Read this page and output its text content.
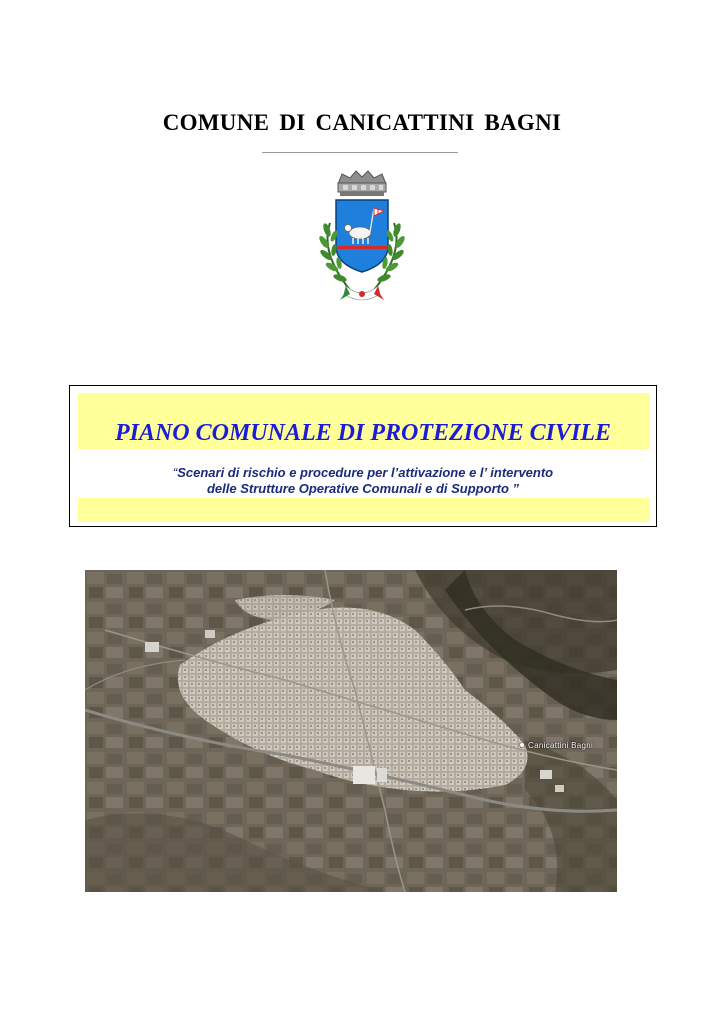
COMUNE DI CANICATTINI BAGNI
PIANO COMUNALE DI PROTEZIONE CIVILE
“Scenari di rischio e procedure per l’attivazione e l’ intervento
delle Strutture Operative Comunali e di Supporto ”
Canicattini Bagni
